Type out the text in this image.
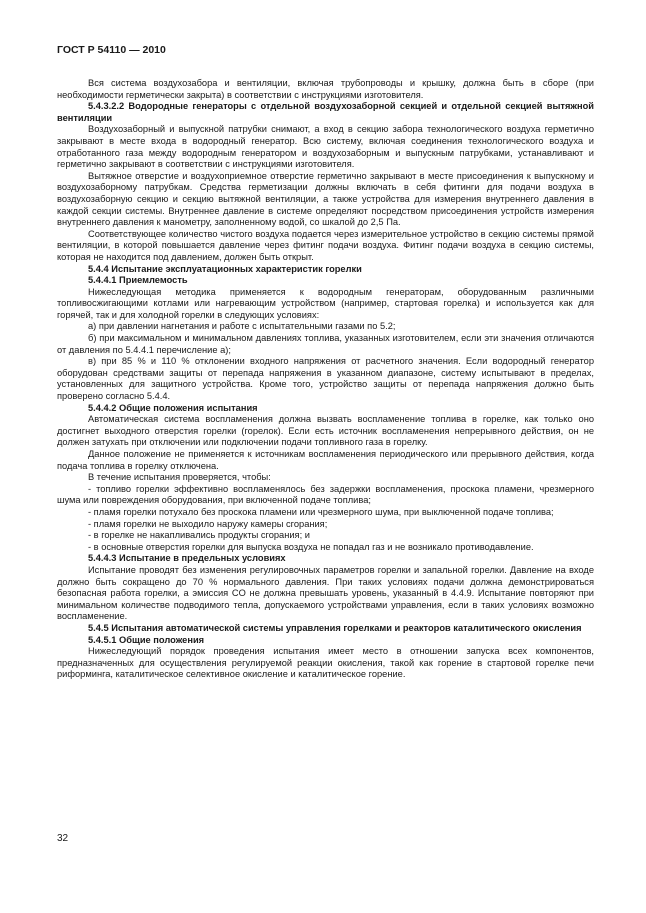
ГОСТ Р 54110 — 2010

Вся система воздухозабора и вентиляции, включая трубопроводы и крышку, должна быть в сборе (при необходимости герметически закрыта) в соответствии с инструкциями изготовителя.

5.4.3.2.2 Водородные генераторы с отдельной воздухозаборной секцией и отдельной секцией вытяжной вентиляции

Воздухозаборный и выпускной патрубки снимают, а вход в секцию забора технологического воздуха герметично закрывают в месте входа в водородный генератор. Всю систему, включая соединения технологического воздуха и отработанного газа между водородным генератором и воздухозаборным и выпускным патрубками, устанавливают и герметично закрывают в соответствии с инструкциями изготовителя.

Вытяжное отверстие и воздухоприемное отверстие герметично закрывают в месте присоединения к выпускному и воздухозаборному патрубкам. Средства герметизации должны включать в себя фитинги для подачи воздуха в воздухозаборную секцию и секцию вытяжной вентиляции, а также устройства для измерения внутреннего давления в каждой секции системы. Внутреннее давление в системе определяют посредством присоединения устройств измерения внутреннего давления к манометру, заполненному водой, со шкалой до 2,5 Па.

Соответствующее количество чистого воздуха подается через измерительное устройство в секцию системы прямой вентиляции, в которой повышается давление через фитинг подачи воздуха. Фитинг подачи воздуха в секцию системы, которая не находится под давлением, должен быть открыт.

5.4.4 Испытание эксплуатационных характеристик горелки

5.4.4.1 Приемлемость

Нижеследующая методика применяется к водородным генераторам, оборудованным различными топливосжигающими котлами или нагревающим устройством (например, стартовая горелка) и используется как для горячей, так и для холодной горелки в следующих условиях:

а) при давлении нагнетания и работе с испытательными газами по 5.2;

б) при максимальном и минимальном давлениях топлива, указанных изготовителем, если эти значения отличаются от давления по 5.4.4.1 перечисление а);

в) при 85 % и 110 % отклонении входного напряжения от расчетного значения. Если водородный генератор оборудован средствами защиты от перепада напряжения в указанном диапазоне, систему испытывают в пределах, установленных для защитного устройства. Кроме того, устройство защиты от перепада напряжения должно быть проверено согласно 5.4.4.

5.4.4.2 Общие положения испытания

Автоматическая система воспламенения должна вызвать воспламенение топлива в горелке, как только оно достигнет выходного отверстия горелки (горелок). Если есть источник воспламенения непрерывного действия, он не должен затухать при отключении или подключении подачи топливного газа в горелку.

Данное положение не применяется к источникам воспламенения периодического или прерывного действия, когда подача топлива в горелку отключена.

В течение испытания проверяется, чтобы:

- топливо горелки эффективно воспламенялось без задержки воспламенения, проскока пламени, чрезмерного шума или повреждения оборудования, при включенной подаче топлива;

- пламя горелки потухало без проскока пламени или чрезмерного шума, при выключенной подаче топлива;

- пламя горелки не выходило наружу камеры сгорания;

- в горелке не накапливались продукты сгорания; и

- в основные отверстия горелки для выпуска воздуха не попадал газ и не возникало противодавление.

5.4.4.3 Испытание в предельных условиях

Испытание проводят без изменения регулировочных параметров горелки и запальной горелки. Давление на входе должно быть сокращено до 70 % нормального давления. При таких условиях подачи должна демонстрироваться безопасная работа горелки, а эмиссия CO не должна превышать уровень, указанный в 4.4.9. Испытание повторяют при минимальном количестве подводимого тепла, допускаемого устройствами управления, если в таких условиях возможно воспламенение.

5.4.5 Испытания автоматической системы управления горелками и реакторов каталитического окисления

5.4.5.1 Общие положения

Нижеследующий порядок проведения испытания имеет место в отношении запуска всех компонентов, предназначенных для осуществления регулируемой реакции окисления, такой как горение в стартовой горелке печи риформинга, каталитическое селективное окисление и каталитическое горение.

32
